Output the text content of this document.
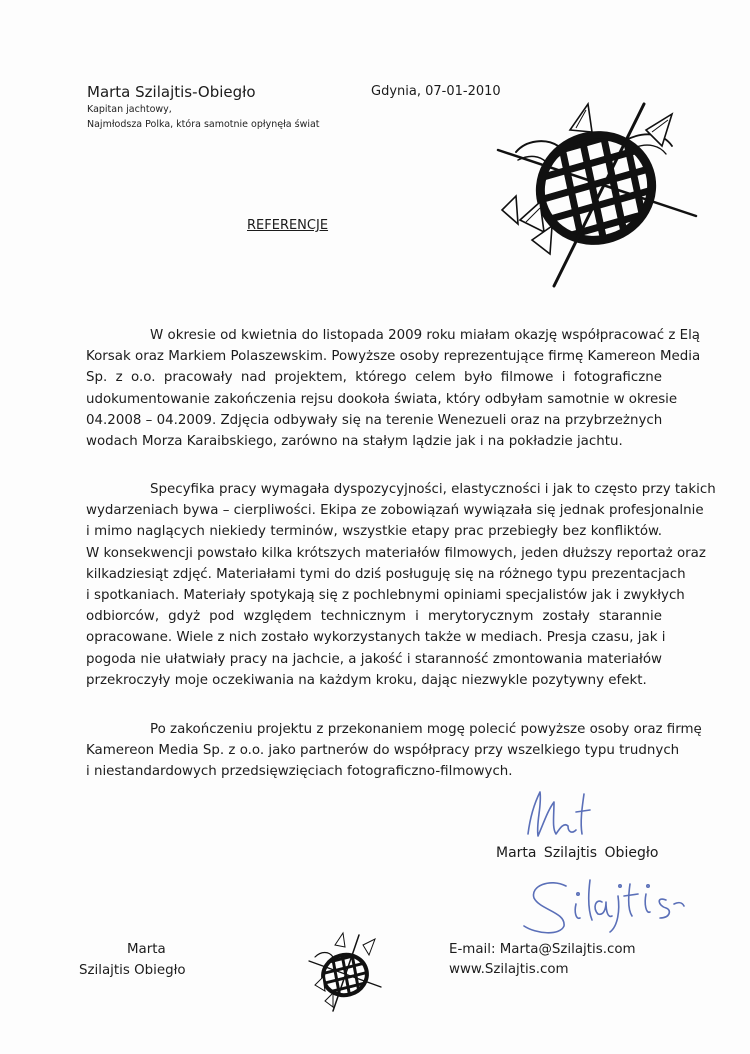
Marta Szilajtis-Obiegło
Kapitan jachtowy,
Najmłodsza Polka, która samotnie opłynęła świat
Gdynia, 07-01-2010
REFERENCJE

W okresie od kwietnia do listopada 2009 roku miałam okazję współpracować z Elą
Korsak oraz Markiem Polaszewskim. Powyższe osoby reprezentujące firmę Kamereon Media
Sp. z o.o. pracowały nad projektem, którego celem było filmowe i fotograficzne
udokumentowanie zakończenia rejsu dookoła świata, który odbyłam samotnie w okresie
04.2008 – 04.2009. Zdjęcia odbywały się na terenie Wenezueli oraz na przybrzeżnych
wodach Morza Karaibskiego, zarówno na stałym lądzie jak i na pokładzie jachtu.

Specyfika pracy wymagała dyspozycyjności, elastyczności i jak to często przy takich
wydarzeniach bywa – cierpliwości. Ekipa ze zobowiązań wywiązała się jednak profesjonalnie
i mimo naglących niekiedy terminów, wszystkie etapy prac przebiegły bez konfliktów.
W konsekwencji powstało kilka krótszych materiałów filmowych, jeden dłuższy reportaż oraz
kilkadziesiąt zdjęć. Materiałami tymi do dziś posługuję się na różnego typu prezentacjach
i spotkaniach. Materiały spotykają się z pochlebnymi opiniami specjalistów jak i zwykłych
odbiorców, gdyż pod względem technicznym i merytorycznym zostały starannie
opracowane. Wiele z nich zostało wykorzystanych także w mediach. Presja czasu, jak i
pogoda nie ułatwiały pracy na jachcie, a jakość i staranność zmontowania materiałów
przekroczyły moje oczekiwania na każdym kroku, dając niezwykle pozytywny efekt.

Po zakończeniu projektu z przekonaniem mogę polecić powyższe osoby oraz firmę
Kamereon Media Sp. z o.o. jako partnerów do współpracy przy wszelkiego typu trudnych
i niestandardowych przedsięwzięciach fotograficzno-filmowych.

Marta Szilajtis Obiegło
Marta
Szilajtis Obiegło
E-mail: Marta@Szilajtis.com
www.Szilajtis.com
